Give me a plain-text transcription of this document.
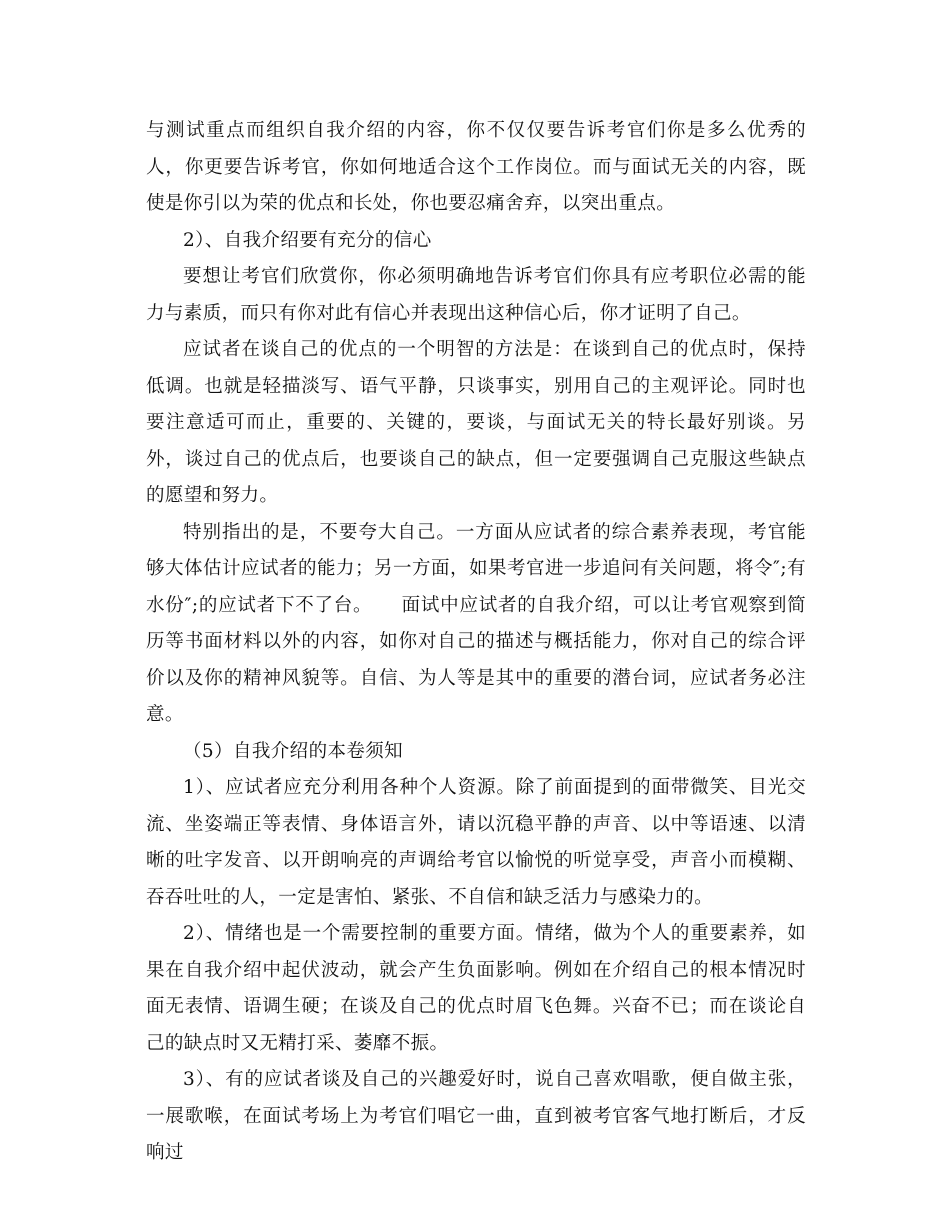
与测试重点而组织自我介绍的内容，你不仅仅要告诉考官们你是多么优秀的人，你更要告诉考官，你如何地适合这个工作岗位。而与面试无关的内容，既使是你引以为荣的优点和长处，你也要忍痛舍弃，以突出重点。

2）、自我介绍要有充分的信心

要想让考官们欣赏你，你必须明确地告诉考官们你具有应考职位必需的能力与素质，而只有你对此有信心并表现出这种信心后，你才证明了自己。

应试者在谈自己的优点的一个明智的方法是：在谈到自己的优点时，保持低调。也就是轻描淡写、语气平静，只谈事实，别用自己的主观评论。同时也要注意适可而止，重要的、关键的，要谈，与面试无关的特长最好别谈。另外，谈过自己的优点后，也要谈自己的缺点，但一定要强调自己克服这些缺点的愿望和努力。

特别指出的是，不要夸大自己。一方面从应试者的综合素养表现，考官能够大体估计应试者的能力；另一方面，如果考官进一步追问有关问题，将令″;有水份″;的应试者下不了台。　　面试中应试者的自我介绍，可以让考官观察到简历等书面材料以外的内容，如你对自己的描述与概括能力，你对自己的综合评价以及你的精神风貌等。自信、为人等是其中的重要的潜台词，应试者务必注意。

（5）自我介绍的本卷须知

1）、应试者应充分利用各种个人资源。除了前面提到的面带微笑、目光交流、坐姿端正等表情、身体语言外，请以沉稳平静的声音、以中等语速、以清晰的吐字发音、以开朗响亮的声调给考官以愉悦的听觉享受，声音小而模糊、吞吞吐吐的人，一定是害怕、紧张、不自信和缺乏活力与感染力的。

2）、情绪也是一个需要控制的重要方面。情绪，做为个人的重要素养，如果在自我介绍中起伏波动，就会产生负面影响。例如在介绍自己的根本情况时面无表情、语调生硬；在谈及自己的优点时眉飞色舞。兴奋不已；而在谈论自己的缺点时又无精打采、萎靡不振。

3）、有的应试者谈及自己的兴趣爱好时，说自己喜欢唱歌，便自做主张，一展歌喉，在面试考场上为考官们唱它一曲，直到被考官客气地打断后，才反响过
